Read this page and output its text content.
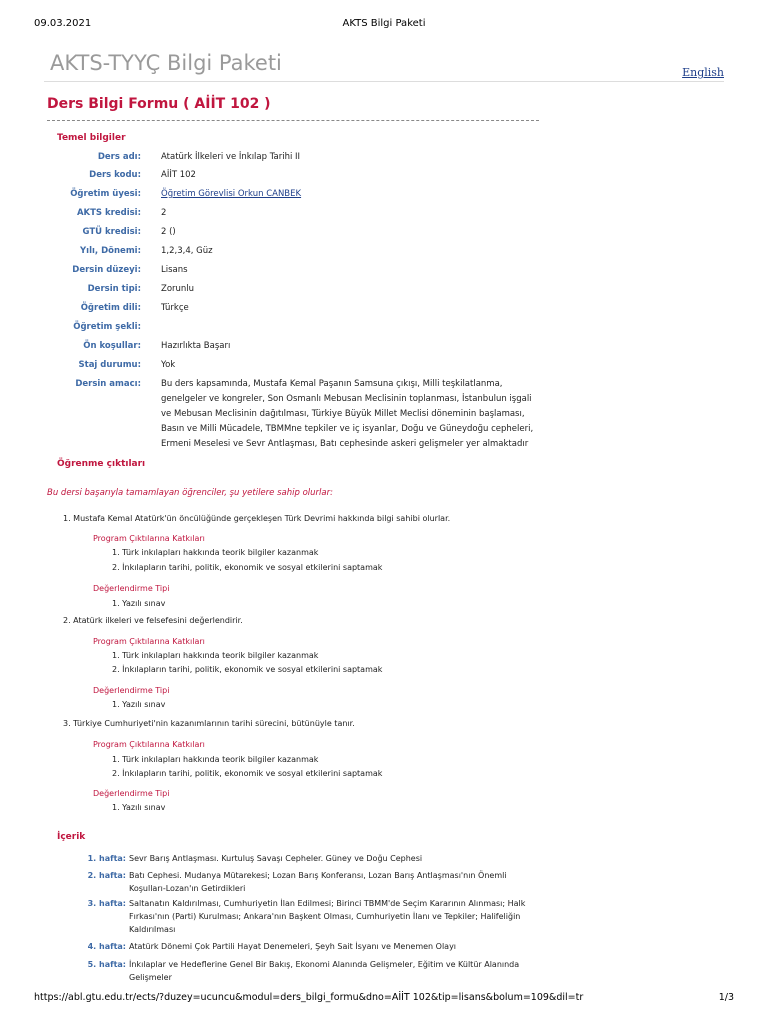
09.03.2021	AKTS Bilgi Paketi
AKTS-TYYÇ Bilgi Paketi	English
Ders Bilgi Formu ( AİİT 102 )
Temel bilgiler
Ders adı: Atatürk İlkeleri ve İnkılap Tarihi II
Ders kodu: AİİT 102
Öğretim üyesi: Öğretim Görevlisi Orkun CANBEK
AKTS kredisi: 2
GTÜ kredisi: 2 ()
Yılı, Dönemi: 1,2,3,4, Güz
Dersin düzeyi: Lisans
Dersin tipi: Zorunlu
Öğretim dili: Türkçe
Öğretim şekli:
Ön koşullar: Hazırlıkta Başarı
Staj durumu: Yok
Dersin amacı: Bu ders kapsamında, Mustafa Kemal Paşanın Samsuna çıkışı, Milli teşkilatlanma, genelgeler ve kongreler, Son Osmanlı Mebusan Meclisinin toplanması, İstanbulun işgali ve Mebusan Meclisinin dağıtılması, Türkiye Büyük Millet Meclisi döneminin başlaması, Basın ve Milli Mücadele, TBMMne tepkiler ve iç isyanlar, Doğu ve Güneydoğu cepheleri, Ermeni Meselesi ve Sevr Antlaşması, Batı cephesinde askeri gelişmeler yer almaktadır
Öğrenme çıktıları
Bu dersi başarıyla tamamlayan öğrenciler, şu yetilere sahip olurlar:
1. Mustafa Kemal Atatürk'ün öncülüğünde gerçekleşen Türk Devrimi hakkında bilgi sahibi olurlar.
Program Çıktılarına Katkıları
1. Türk inkılapları hakkında teorik bilgiler kazanmak
2. İnkılapların tarihi, politik, ekonomik ve sosyal etkilerini saptamak
Değerlendirme Tipi
1. Yazılı sınav
2. Atatürk ilkeleri ve felsefesini değerlendirir.
Program Çıktılarına Katkıları
1. Türk inkılapları hakkında teorik bilgiler kazanmak
2. İnkılapların tarihi, politik, ekonomik ve sosyal etkilerini saptamak
Değerlendirme Tipi
1. Yazılı sınav
3. Türkiye Cumhuriyeti'nin kazanımlarının tarihi sürecini, bütünüyle tanır.
Program Çıktılarına Katkıları
1. Türk inkılapları hakkında teorik bilgiler kazanmak
2. İnkılapların tarihi, politik, ekonomik ve sosyal etkilerini saptamak
Değerlendirme Tipi
1. Yazılı sınav
İçerik
1. hafta: Sevr Barış Antlaşması. Kurtuluş Savaşı Cepheler. Güney ve Doğu Cephesi
2. hafta: Batı Cephesi. Mudanya Mütarekesi; Lozan Barış Konferansı, Lozan Barış Antlaşması'nın Önemli Koşulları-Lozan'ın Getirdikleri
3. hafta: Saltanatın Kaldırılması, Cumhuriyetin İlan Edilmesi; Birinci TBMM'de Seçim Kararının Alınması; Halk Fırkası'nın (Parti) Kurulması; Ankara'nın Başkent Olması, Cumhuriyetin İlanı ve Tepkiler; Halifeliğin Kaldırılması
4. hafta: Atatürk Dönemi Çok Partili Hayat Denemeleri, Şeyh Sait İsyanı ve Menemen Olayı
5. hafta: İnkılaplar ve Hedeflerine Genel Bir Bakış, Ekonomi Alanında Gelişmeler, Eğitim ve Kültür Alanında Gelişmeler
https://abl.gtu.edu.tr/ects/?duzey=ucuncu&modul=ders_bilgi_formu&dno=AİİT 102&tip=lisans&bolum=109&dil=tr	1/3
